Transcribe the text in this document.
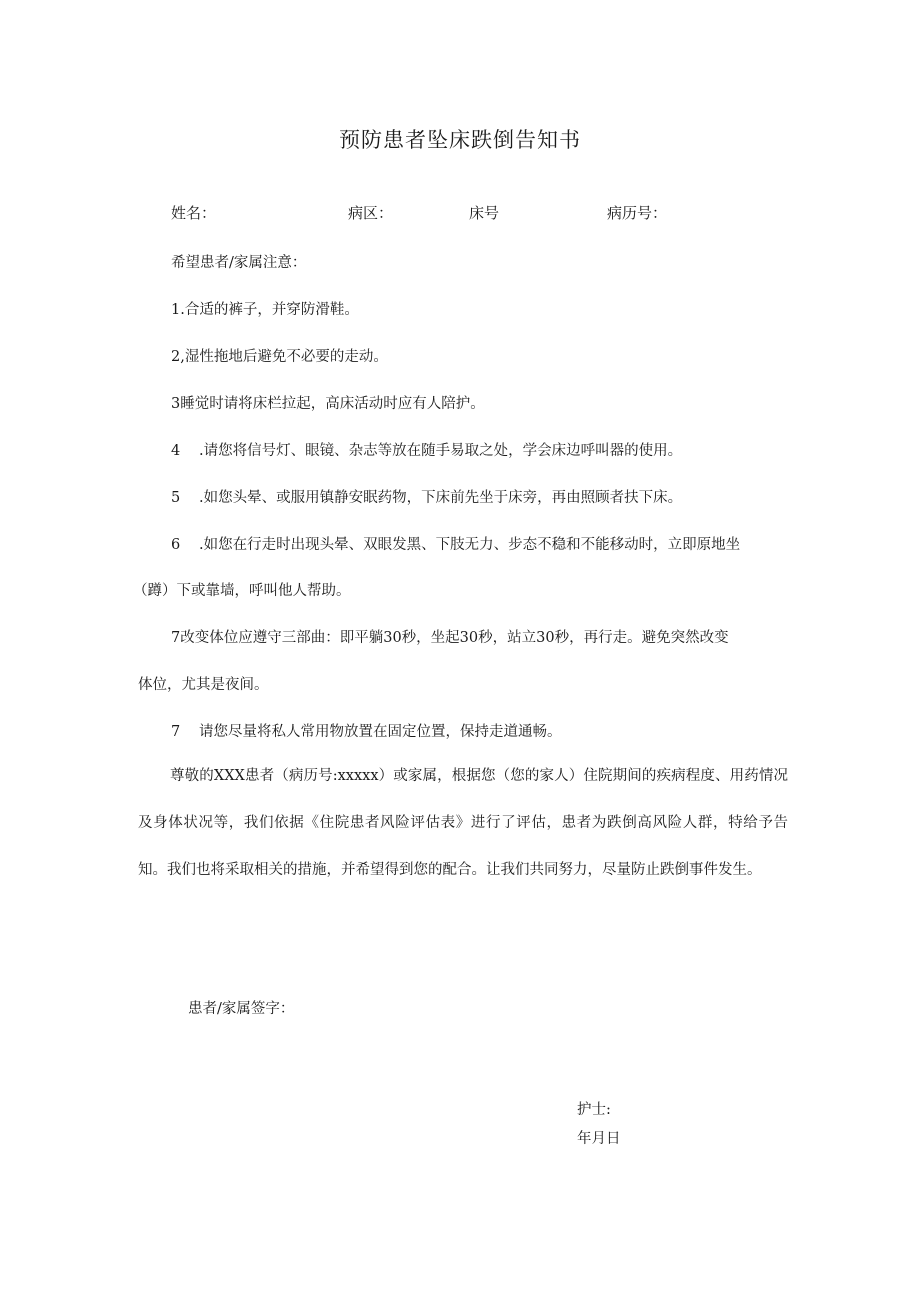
预防患者坠床跌倒告知书
姓名：	病区：	床号	病历号：
希望患者/家属注意：
1.合适的裤子，并穿防滑鞋。
2,湿性拖地后避免不必要的走动。
3睡觉时请将床栏拉起，高床活动时应有人陪护。
4 .请您将信号灯、眼镜、杂志等放在随手易取之处，学会床边呼叫器的使用。
5 .如您头晕、或服用镇静安眠药物，下床前先坐于床旁，再由照顾者扶下床。
6 .如您在行走时出现头晕、双眼发黑、下肢无力、步态不稳和不能移动时，立即原地坐
（蹲）下或靠墙，呼叫他人帮助。
7改变体位应遵守三部曲：即平躺30秒，坐起30秒，站立30秒，再行走。避免突然改变
体位，尤其是夜间。
7 请您尽量将私人常用物放置在固定位置，保持走道通畅。
尊敬的XXX患者（病历号:xxxxx）或家属，根据您（您的家人）住院期间的疾病程度、用药情况及身体状况等，我们依据《住院患者风险评估表》进行了评估，患者为跌倒高风险人群，特给予告知。我们也将采取相关的措施，并希望得到您的配合。让我们共同努力，尽量防止跌倒事件发生。
患者/家属签字：
护士:
年月日
